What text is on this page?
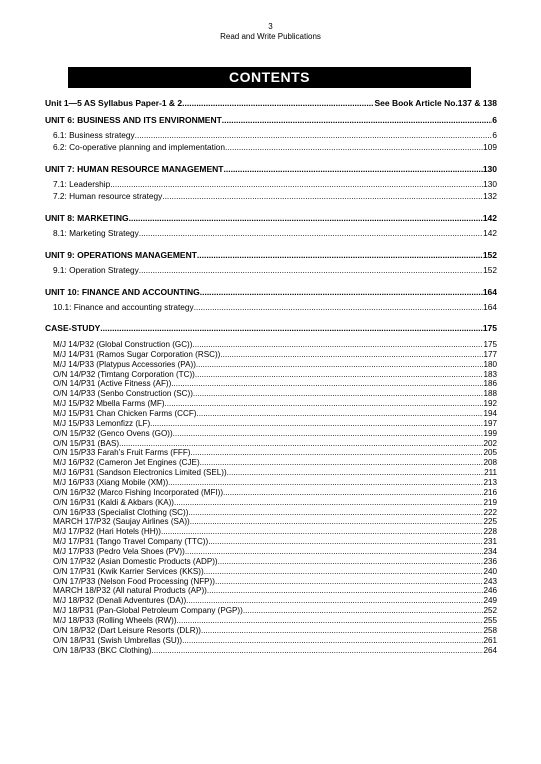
3
Read and Write Publications
CONTENTS
Unit 1—5 AS Syllabus Paper-1 & 2 .....	See Book Article No.137 & 138
UNIT 6: BUSINESS AND ITS ENVIRONMENT .....	6
6.1: Business strategy .....	6
6.2: Co-operative planning and implementation .....	109
UNIT 7: HUMAN RESOURCE MANAGEMENT .....	130
7.1: Leadership .....	130
7.2: Human resource strategy .....	132
UNIT 8: MARKETING .....	142
8.1: Marketing Strategy .....	142
UNIT 9: OPERATIONS MANAGEMENT .....	152
9.1: Operation Strategy .....	152
UNIT 10: FINANCE AND ACCOUNTING .....	164
10.1: Finance and accounting strategy .....	164
CASE-STUDY .....	175
M/J 14/P32 (Global Construction (GC)) .....	175
M/J 14/P31 (Ramos Sugar Corporation (RSC)) .....	177
M/J 14/P33 (Platypus Accessories (PA)) .....	180
O/N 14/P32 (Timtang Corporation (TC)) .....	183
O/N 14/P31 (Active Fitness (AF)) .....	186
O/N 14/P33 (Senbo Construction (SC)) .....	188
M/J 15/P32 Mbella Farms (MF) .....	192
M/J 15/P31 Chan Chicken Farms (CCF) .....	194
M/J 15/P33 Lemonfizz (LF) .....	197
O/N 15/P32 (Genco Ovens (GO)) .....	199
O/N 15/P31 (BAS) .....	202
O/N 15/P33 Farah’s Fruit Farms (FFF) .....	205
M/J 16/P32 (Cameron Jet Engines (CJE) .....	208
M/J 16/P31 (Sandson Electronics Limited (SEL)) .....	211
M/J 16/P33 (Xiang Mobile (XM)) .....	213
O/N 16/P32 (Marco Fishing Incorporated (MFI)) .....	216
O/N 16/P31 (Kaldi & Akbars (KA)) .....	219
O/N 16/P33 (Specialist Clothing (SC)) .....	222
MARCH 17/P32 (Saujay Airlines (SA)) .....	225
M/J 17/P32 (Hari Hotels (HH)) .....	228
M/J 17/P31 (Tango Travel Company (TTC)) .....	231
M/J 17/P33 (Pedro Vela Shoes (PV)) .....	234
O/N 17/P32 (Asian Domestic Products (ADP)) .....	236
O/N 17/P31 (Kwik Karrier Services (KKS)) .....	240
O/N 17/P33 (Nelson Food Processing (NFP)) .....	243
MARCH 18/P32 (All natural Products (AP)) .....	246
M/J 18/P32 (Denali Adventures (DA)) .....	249
M/J 18/P31 (Pan-Global Petroleum Company (PGP)) .....	252
M/J 18/P33 (Rolling Wheels (RW)) .....	255
O/N 18/P32 (Dart Leisure Resorts (DLR)) .....	258
O/N 18/P31 (Swish Umbrellas (SU)) .....	261
O/N 18/P33 (BKC Clothing) .....	264
